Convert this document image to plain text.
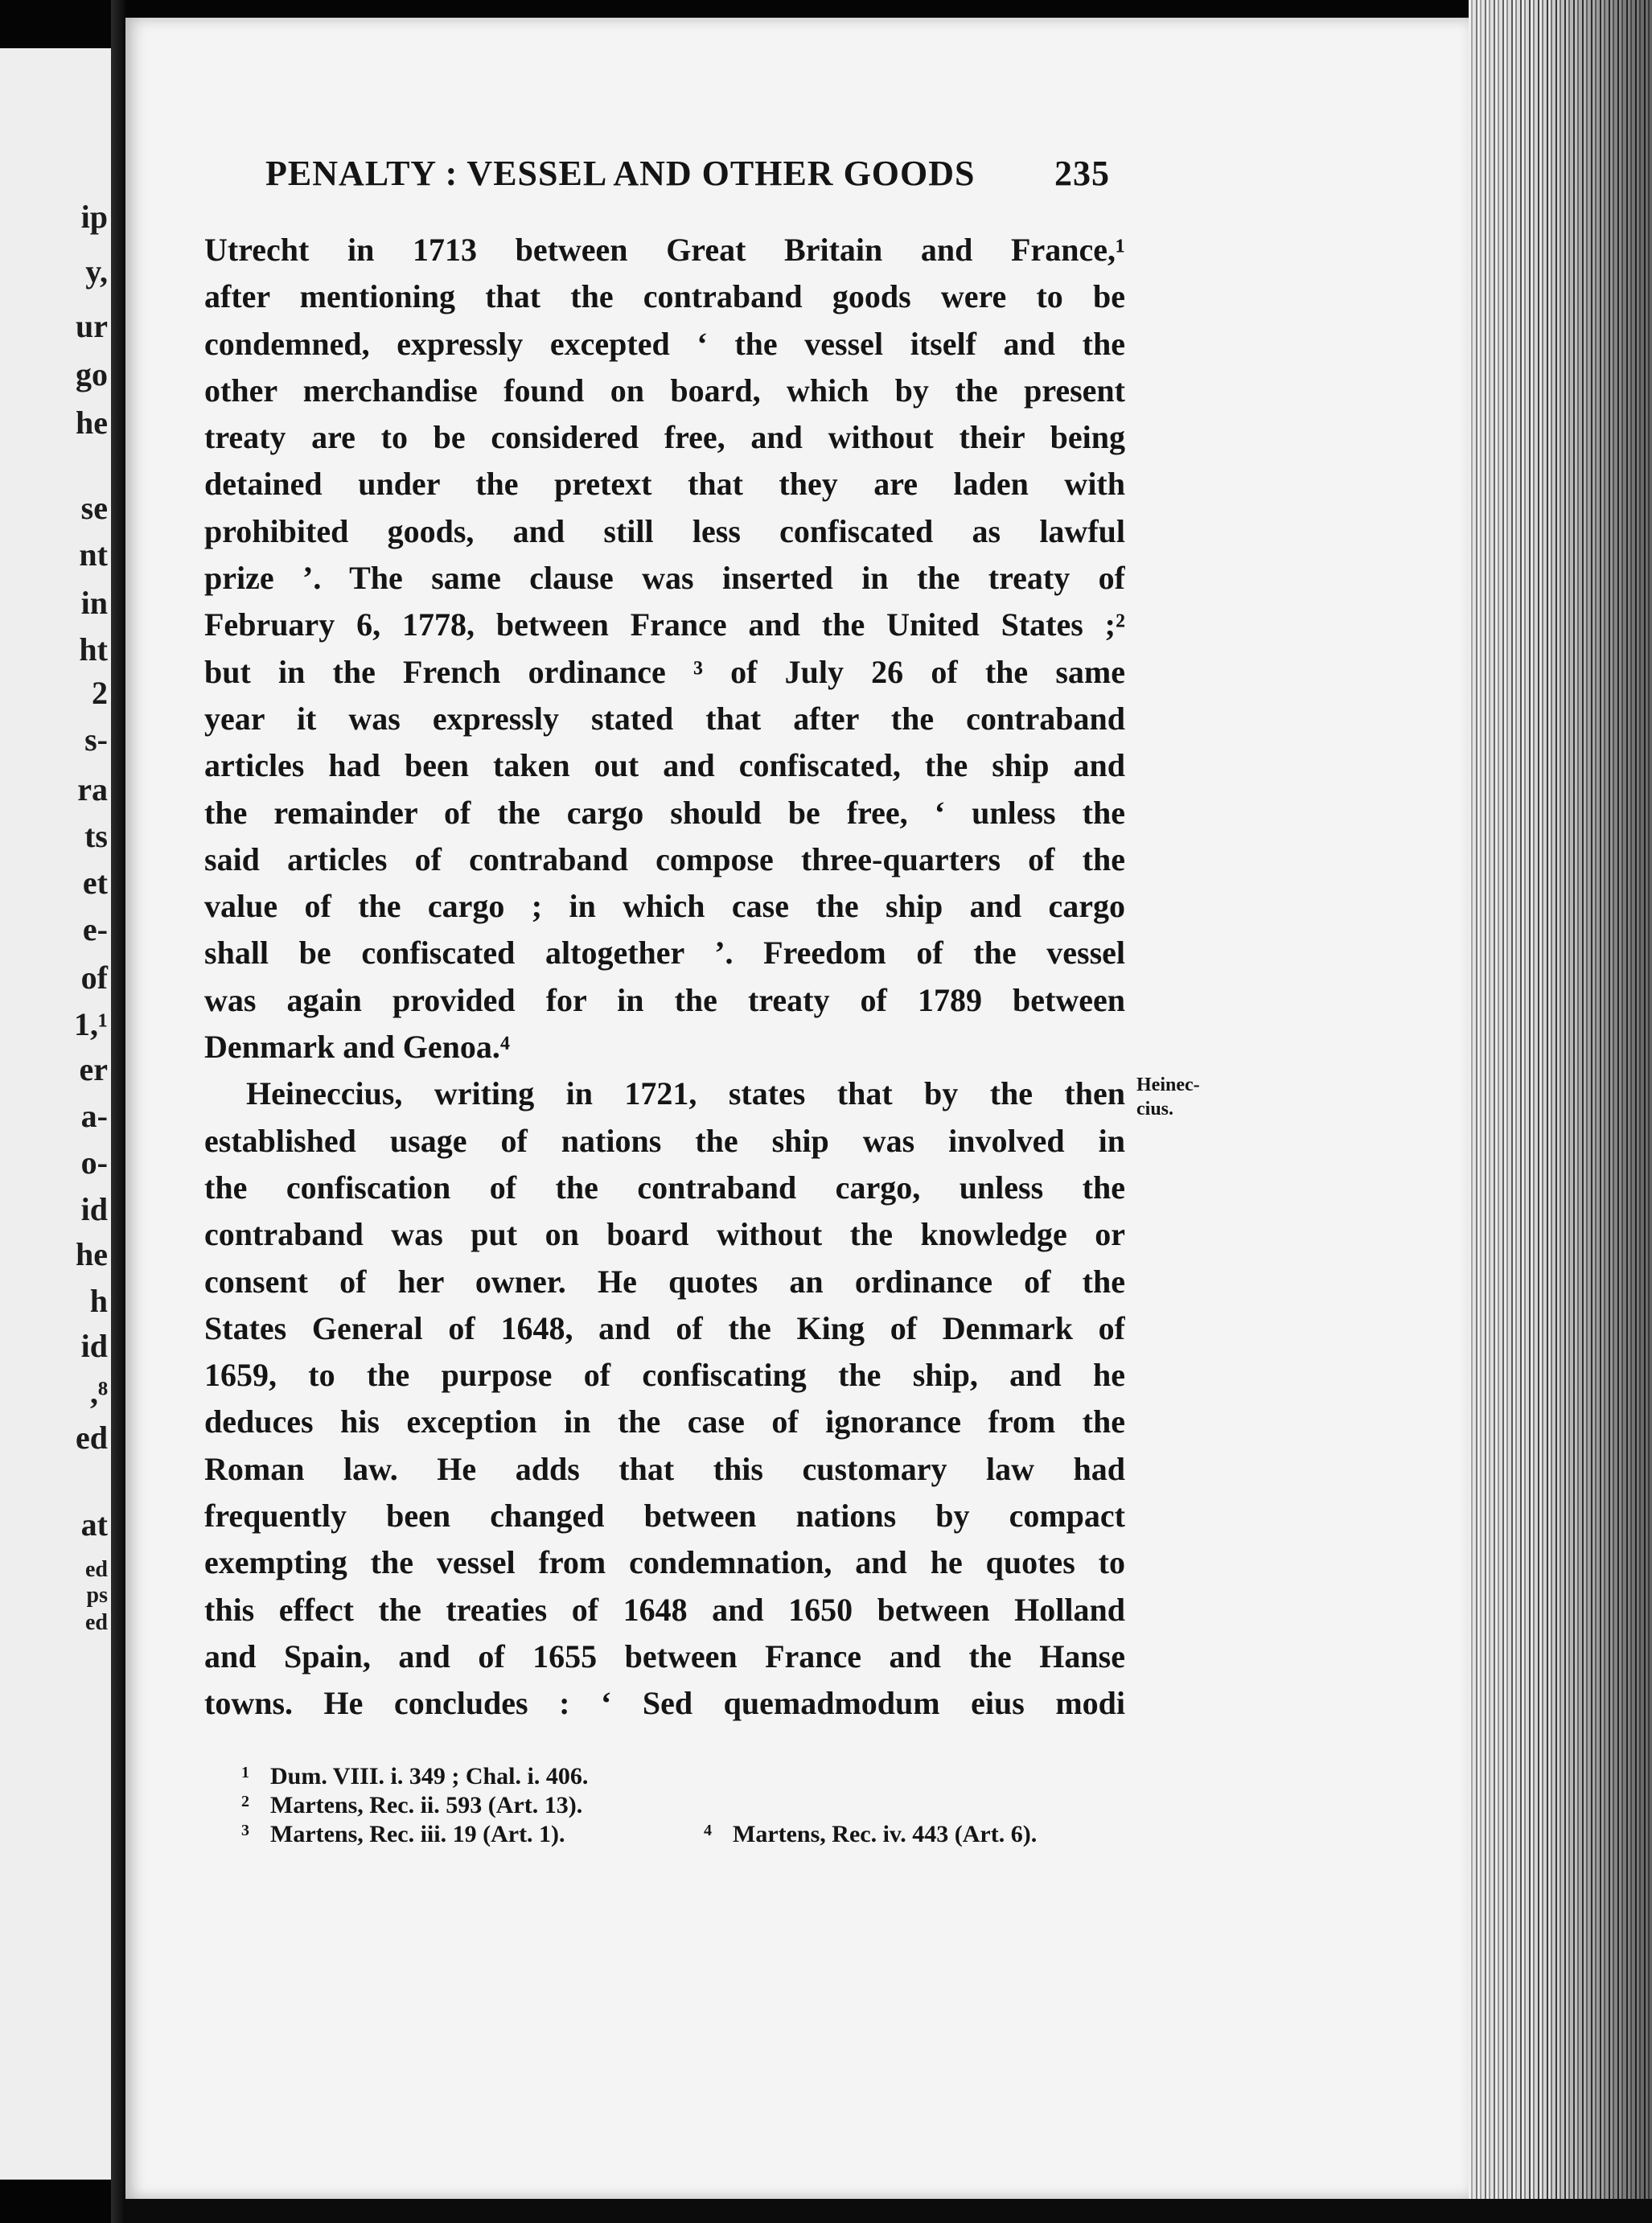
ip
y,
ur
go
he
se
nt
in
ht
2
s-
ra
ts
et
e-
of
1,¹
er
a-
o-
id
he
h
id
,⁸
ed
at
ed
ps
ed
PENALTY : VESSEL AND OTHER GOODS 235
Utrecht in 1713 between Great Britain and France,¹
after mentioning that the contraband goods were to be
condemned, expressly excepted ‘ the vessel itself and the
other merchandise found on board, which by the present
treaty are to be considered free, and without their being
detained under the pretext that they are laden with
prohibited goods, and still less confiscated as lawful
prize ’. The same clause was inserted in the treaty of
February 6, 1778, between France and the United States ;²
but in the French ordinance ³ of July 26 of the same
year it was expressly stated that after the contraband
articles had been taken out and confiscated, the ship and
the remainder of the cargo should be free, ‘ unless the
said articles of contraband compose three-quarters of the
value of the cargo ; in which case the ship and cargo
shall be confiscated altogether ’. Freedom of the vessel
was again provided for in the treaty of 1789 between
Denmark and Genoa.⁴
Heineccius, writing in 1721, states that by the then
established usage of nations the ship was involved in
the confiscation of the contraband cargo, unless the
contraband was put on board without the knowledge or
consent of her owner. He quotes an ordinance of the
States General of 1648, and of the King of Denmark of
1659, to the purpose of confiscating the ship, and he
deduces his exception in the case of ignorance from the
Roman law. He adds that this customary law had
frequently been changed between nations by compact
exempting the vessel from condemnation, and he quotes to
this effect the treaties of 1648 and 1650 between Holland
and Spain, and of 1655 between France and the Hanse
towns. He concludes : ‘ Sed quemadmodum eius modi
Heinec-
cius.
1 Dum. VIII. i. 349 ; Chal. i. 406.
2 Martens, Rec. ii. 593 (Art. 13).
3 Martens, Rec. iii. 19 (Art. 1).	4 Martens, Rec. iv. 443 (Art. 6).
